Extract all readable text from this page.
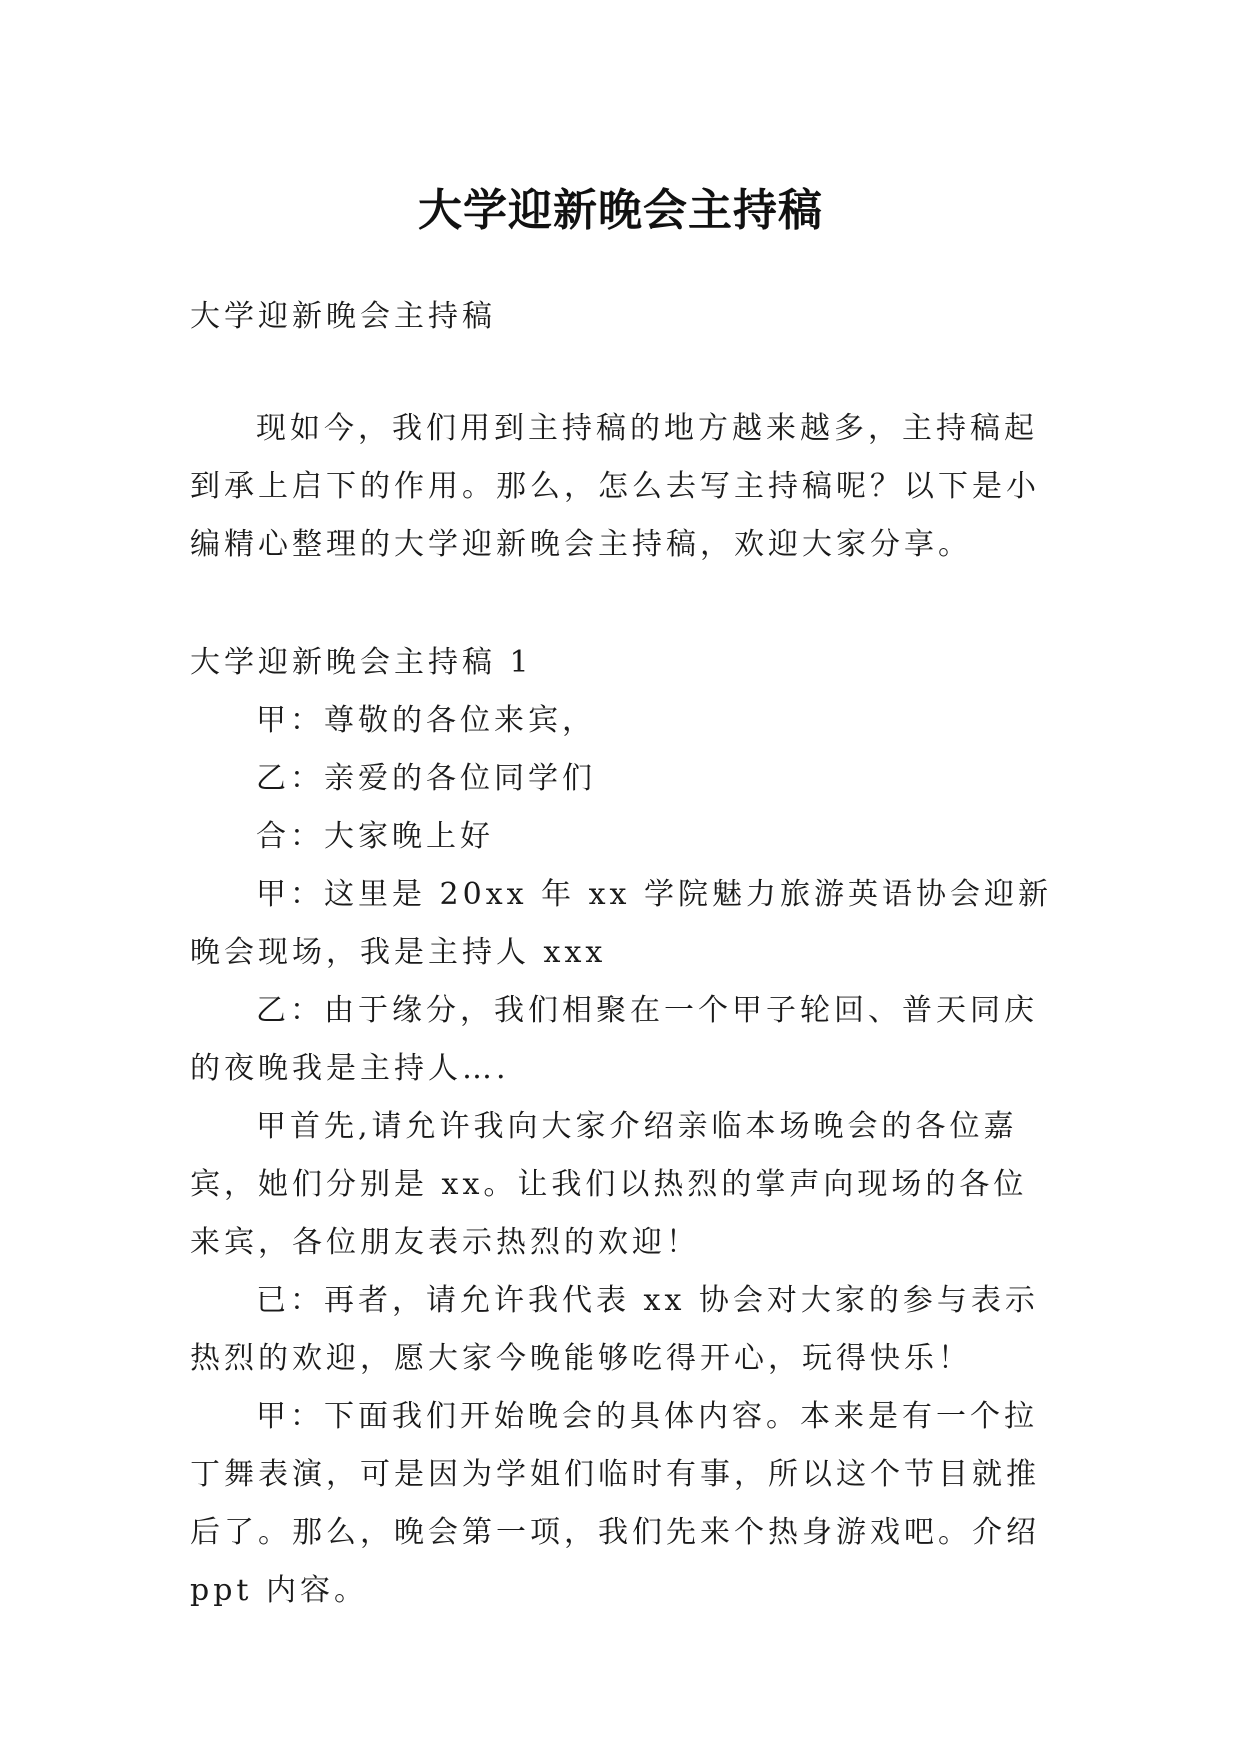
大学迎新晚会主持稿

大学迎新晚会主持稿

现如今，我们用到主持稿的地方越来越多，主持稿起到承上启下的作用。那么，怎么去写主持稿呢？以下是小编精心整理的大学迎新晚会主持稿，欢迎大家分享。

大学迎新晚会主持稿 1

甲：尊敬的各位来宾，

乙：亲爱的各位同学们

合：大家晚上好

甲：这里是 20xx 年 xx 学院魅力旅游英语协会迎新晚会现场，我是主持人 xxx

乙：由于缘分，我们相聚在一个甲子轮回、普天同庆的夜晚我是主持人….

甲首先,请允许我向大家介绍亲临本场晚会的各位嘉宾，她们分别是 xx。让我们以热烈的掌声向现场的各位来宾，各位朋友表示热烈的欢迎！

已：再者，请允许我代表 xx 协会对大家的参与表示热烈的欢迎，愿大家今晚能够吃得开心，玩得快乐！

甲：下面我们开始晚会的具体内容。本来是有一个拉丁舞表演，可是因为学姐们临时有事，所以这个节目就推后了。那么，晚会第一项，我们先来个热身游戏吧。介绍 ppt 内容。
